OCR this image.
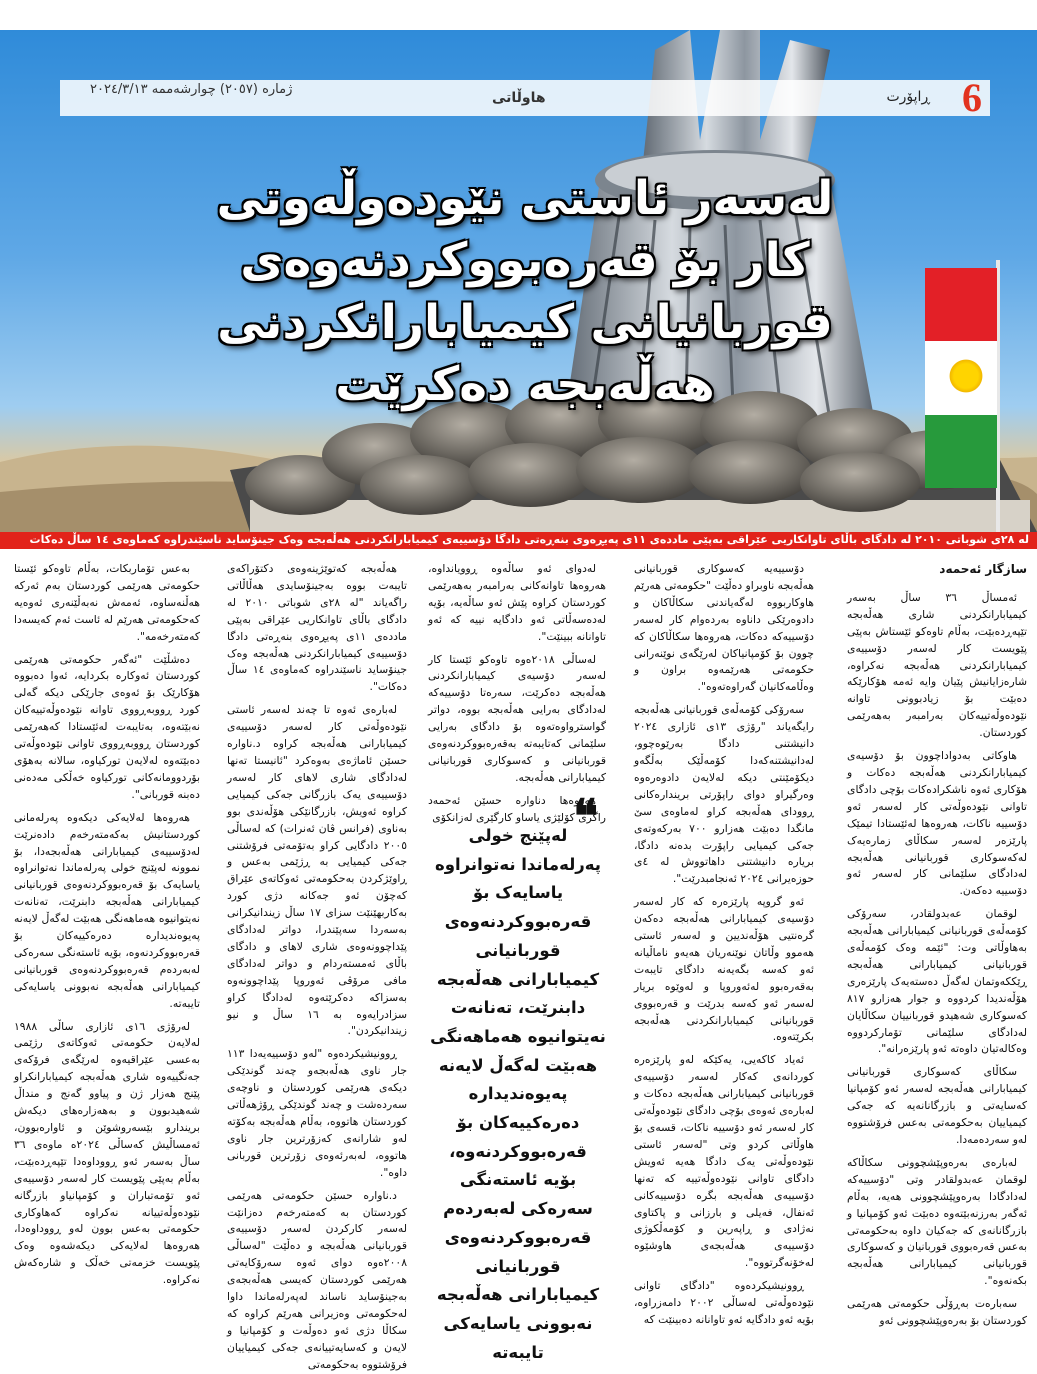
6
ڕاپۆرت
هاوڵاتی
ژمارە (٢٠٥٧) چوارشەممە ٢٠٢٤/٣/١٣
لەسەر ئاستی نێودەوڵەوتی
کار بۆ قەرەبووکردنەوەی
قوربانیانی کیمیابارانکردنی
هەڵەبجە دەکرێت
لە ٢٨ی شوباتی ٢٠١٠ لە دادگای باڵای تاوانکاریی عێراقی بەپێی ماددەی ١١ی پەیڕەوی بنەڕەتی دادگا دۆسییەی کیمیابارانکردنی هەڵەبجە وەک جینۆساید ناسێندراوە کەماوەی ١٤ ساڵ دەکات

سازگار ئەحمەد

ئەمساڵ ٣٦ ساڵ بەسەر کیمیابارانکردنی شاری هەڵەبجە تێپەڕدەبێت، بەڵام تاوەکو ئێستاش بەپێی پێویست کار لەسەر دۆسییەی کیمیابارانکردنی هەڵەبجە نەکراوە، شارەزایانیش پێیان وایە ئەمە هۆکارێکە دەبێت بۆ زیادبوونی تاوانە نێودەوڵەتییەکان بەرامبەر بەهەرێمی کوردستان.

هاوکاتی بەدواداچوون بۆ دۆسیەی کیمیابارانکردنی هەڵەبجە دەکات و هۆکاری ئەوە ناشکرادەکات بۆچی دادگای تاوانی نێودەوڵەتی کار لەسەر ئەو دۆسییە ناکات، هەروەها لەئێستادا تیمێک پارێزەر لەسەر سکاڵای زمارەیەک لەکەسوکاری قوربانیانی هەڵەبجە لەدادگای سلێمانی کار لەسەر ئەو دۆسییە دەکەن.

لوقمان عەبدولقادر، سەرۆکی کۆمەڵەی قوربانیانی کیمیابارانی هەڵەبجە بەهاوڵاتی وت: "ئێمە وەک کۆمەڵەی قوربانیانی کیمیابارانی هەڵەبجە ڕێککەوتمان لەگەڵ دەستەیەک پارێزەری هۆڵەندیدا کردووە و جوار هەزارو ٨١٧ کەسوکاری شەهیدو قوربانییان سکاڵایان لەدادگای سلێمانی تۆمارکردووە وەکالەتیان داوەتە ئەو پارێزەرانە".

سکاڵای کەسوکاری قوربانیانی کیمیابارانی هەڵەبجە لەسەر ئەو کۆمپانیا کەسایەتی و بازرگانانەیە کە جەکی کیمیاییان بەحکومەتی بەعس فرۆشتووە لەو سەردەمەدا.

لەبارەی بەرەوپێشچوونی سکاڵاکە لوقمان عەبدولقادر وتی "دۆسییەکە لەدادگادا بەرەوپێشچوونی هەیە، بەڵام ئەگەر بەرزنەبێتەوە دەبێت ئەو کۆمپانیا و بازرگانانەی کە جەکیان داوە بەحکومەتی بەعس قەرەبووی قوربانیان و کەسوکاری قوربانیانی کیمیابارانی هەڵەبجە بکەنەوە".

سەبارەت بەڕۆڵی حکومەتی هەرێمی کوردستان بۆ بەرەوپێشچوونی ئەو

دۆسییەیە کەسوکاری قوربانیانی هەڵەبجە ناوبراو دەڵێت "حکومەتی هەرێم هاوکاربووە لەگەیاندنی سکاڵاکان و دادوەرێکی داناوە بەردەوام کار لەسەر دۆسییەکە دەکات، هەروەها سکاڵاکان کە چوون بۆ کۆمپانیاکان لەرێگەی نوێنەرانی حکومەتی هەرێمەوە براون و وەڵامەکانیان گەراوەتەوە".

سەرۆکی کۆمەڵەی قوربانیانی هەڵەبجە رایگەیاند "رۆژی ١٣ی ئازاری ٢٠٢٤ دانیشتنی دادگا بەرێوەچوو، لەدانیشتنەکەدا کۆمەڵێک بەڵگەو دیکۆمێنتی دیکە لەلایەن دادوەرەوە وەرگیراو دوای راپۆرتی بریندارەکانی ڕوودای هەڵەبجە کراو لەماوەی سێ مانگدا دەبێت هەزارو ٧٠٠ بەرکەوتەی جەکی کیمیایی راپۆرت بدەنە دادگا، بریارە دانیشتنی داهاتووش لە ٤ی حوزەیرانی ٢٠٢٤ ئەنجامبدرێت".

ئەو گروپە پارێزەرە کە کار لەسەر دۆسیەی کیمیابارانی هەڵەبجە دەکەن گرەنتیی هۆڵەندیین و لەسەر ئاستی هەموو وڵاتان نوێنەریان هەیەو ناماڵیانە ئەو کەسە بگەیەنە دادگای تایبەت بەقەرەبوو لەئەوروپا و لەوێوە بریار لەسەر ئەو کەسە بدرێت و قەرەبووی قوربانیانی کیمیابارانکردنی هەڵەبجە بکرێتەوە.

ئەیاد کاکەیی، یەکێکە لەو پارێزەرە کوردانەی کەکار لەسەر دۆسییەی قوربانیانی کیمیابارانی هەڵەبجە دەکات و لەبارەی ئەوەی بۆچی دادگای نێودەوڵەتی کار لەسەر ئەو دۆسییە ناکات، قسەی بۆ هاوڵاتی کردو وتی "لەسەر ئاستی نێودەوڵەتی یەک دادگا هەیە ئەویش دادگای تاوانی نێودەوڵەتییە کە تەنها دۆسییەی هەڵەبجە بگرە دۆسییەکانی ئەنفال، فەیلی و بارزانی و پاکتاوی نەژادی و ڕاپەرین و کۆمەڵکوژی دۆسییەی هەڵەبجەی هاوشێوە لەخۆنەگرتووە".

ڕوونیشیکردەوە "دادگای تاوانی نێودەوڵەتی لەساڵی ٢٠٠٢ دامەزراوە، بۆیە ئەو دادگایە ئەو تاوانانە دەبینێت کە

لەدوای ئەو ساڵەوە ڕوویانداوە، هەروەها تاوانەکانی بەرامبەر بەهەرێمی کوردستان کراوە پێش ئەو ساڵەیە، بۆیە لەدەسەڵاتی ئەو دادگایە نییە کە ئەو تاوانانە ببینێت".

لەساڵی ٢٠١٨ەوە تاوەکو ئێستا کار لەسەر دۆسیەی کیمیابارانکردنی هەڵەبجە دەکرێت، سەرەتا دۆسییەکە لەدادگای بەرایی هەڵەبجە بووە، دواتر گواسترواوەتەوە بۆ دادگای بەرایی سلێمانی کەتایبەتە بەقەرەبووکردنەوەی قوربانیانی و کەسوکاری قوربانیانی کیمیابارانی هەڵەبجە.

هەروەها دناوارە حسێن ئەحمەد راگری کۆلێژی یاساو کارگێری لەزانکۆی

❝
لەپێنج خولی پەرلەماندا نەتوانراوە یاسایەک بۆ قەرەبووکردنەوەی قوربانیانی کیمیابارانی هەڵەبجە دابنرێت، تەنانەت نەیتوانیوە هەماهەنگی هەبێت لەگەڵ لایەنە پەیوەندیدارە دەرەکییەکان بۆ قەرەبووکردنەوە، بۆیە ئاستەنگی سەرەکی لەبەردەم قەرەبووکردنەوەی قوربانیانی کیمیابارانی هەڵەبجە نەبوونی یاسایەکی تایبەتە

هەڵەبجە کەتوێژینەوەی دکتۆراکەی تایبەت بووە بەجینۆسایدی هەڵاڵاتی راگەیاند "لە ٢٨ی شوباتی ٢٠١٠ لە دادگای باڵای تاوانکاریی عێراقی بەپێی ماددەی ١١ی پەیڕەوی بنەڕەتی دادگا دۆسییەی کیمیابارانکردنی هەڵەبجە وەک جینۆساید ناسێندراوە کەماوەی ١٤ ساڵ دەکات".

لەبارەی ئەوە تا چەند لەسەر ئاستی نێودەوڵەتی کار لەسەر دۆسییەی کیمیابارانی هەڵەبجە کراوە د.ناوارە حسێن ئاماژەی بەوەکرد "ئانیستا تەنها لەدادگای شاری لاهای کار لەسەر دۆسییەی یەک بازرگانی جەکی کیمیایی کراوە ئەویش، بازرگانێکی هۆڵەندی بوو بەناوی (فرانس ڤان ئەنرات) کە لەساڵی ٢٠٠٥ دادگایی کراو بەتۆمەتی فرۆشتنی جەکی کیمیایی بە ڕژێمی بەعس و ڕاوێژکردن بەحکومەتی ئەوکاتەی عێراق کەچۆن ئەو جەکانە دژی کورد بەکاربهێنێت سزای ١٧ ساڵ زیندانیکرانی بەسەردا سەپێندرا، دواتر لەدادگای پێداچوونەوەی شاری لاهای و دادگای باڵای ئەمستەردام و دواتر لەدادگای مافی مرۆڤی ئەوروپا پێداچوونەوە بەسزاکە دەکرێتەوە لەدادگا کراو سزادرایەوە بە ١٦ ساڵ و نیو زیندانیکردن".

ڕوونیشیکردەوە "لەو دۆسییەیەدا ١١٣ جار ناوی هەڵەبجەو چەند گوندێکی دیکەی هەرێمی کوردستان و ناوچەی سەردەشت و چەند گوندێکی ڕۆژهەڵاتی کوردستان هاتووە، بەڵام هەڵەبجە بەکۆتە لەو شارانەی کەزۆرترین جار ناوی هاتووە، لەبەرئەوەی زۆرترین قوربانی داوە".

د.ناوارە حسێن حکومەتی هەرێمی کوردستان بە کەمتەرخەم دەزانێت لەسەر کارکردن لەسەر دۆسییەی قوربانیانی هەڵەبجە و دەڵێت "لەساڵی ٢٠٠٨ەوە دوای ئەوە سەرۆکایەتی هەرێمی کوردستان کەیسی هەڵەبجەی بەجینۆساید ناساند لەپەرلەماندا داوا لەحکومەتی وەزیرانی هەرێم کراوە کە سکاڵا دژی ئەو دەوڵەت و کۆمپانیا و لایەن و کەسایەتییانەی جەکی کیمیاییان فرۆشتووە بەحکومەتی

بەعس تۆماربکات، بەڵام تاوەکو ئێستا حکومەتی هەرێمی کوردستان بەم ئەرکە هەڵنەساوە، ئەمەش نەبەڵێنەری ئەوەیە کەحکومەتی هەرێم لە ئاست ئەم کەیسەدا کەمتەرخەمە".

دەشڵێت "ئەگەر حکومەتی هەرێمی کوردستان ئەوکارە بکردایە، ئەوا دەبووە هۆکارێک بۆ ئەوەی جارێکی دیکە گەلی کورد ڕووبەڕووی تاوانە نێودەوڵەتییەکان نەبێتەوە، بەتایبەت لەئێستادا کەهەرێمی کوردستان ڕووبەڕووی تاوانی نێودەوڵەتی دەبێتەوە لەلایەن تورکیاوە، سالانە بەهۆی بۆردوومانەکانی تورکیاوە خەڵکی مەدەنی دەبنە قوربانی".

هەروەها لەلایەکی دیکەوە پەرلەمانی کوردستانیش بەکەمتەرخەم دادەنرێت لەدۆسییەی کیمیابارانی هەڵەبجەدا، بۆ نموونە لەپێنج خولی پەرلەماندا نەتوانراوە یاسایەک بۆ قەرەبووکردنەوەی قوربانیانی کیمیابارانی هەڵەبجە دابنرێت، تەنانەت نەیتوانیوە هەماهەنگی هەبێت لەگەڵ لایەنە پەیوەندیدارە دەرەکییەکان بۆ قەرەبووکردنەوە، بۆیە ئاستەنگی سەرەکی لەبەردەم قەرەبووکردنەوەی قوربانیانی کیمیابارانی هەڵەبجە نەبوونی یاسایەکی تایبەتە.

لەرۆژی ١٦ی ئازاری ساڵی ١٩٨٨ لەلایەن حکومەتی ئەوکاتەی رژێمی بەعسی عێراقیەوە لەرێگەی فرۆکەی جەنگییەوە شاری هەڵەبجە کیمیابارانکراو پێنج هەزار ژن و پیاوو گەنج و منداڵ شەهیدبوون و بەهەزارەهای دیکەش بریندارو بێسەروشوێن و ئاوارەبوون، ئەمساڵیش کەساڵی ٢٠٢٤ە ماوەی ٣٦ ساڵ بەسەر ئەو ڕووداوەدا تێپەڕدەبێت، بەڵام بەپێی پێویست کار لەسەر دۆسییەی ئەو تۆمەتباران و کۆمپانیاو بازرگانە نێودەوڵەتییانە نەکراوە کەهاوکاری حکومەتی بەعس بوون لەو ڕووداوەدا، هەروەها لەلایەکی دیکەشەوە وەک پێویست خزمەتی خەڵک و شارەکەش نەکراوە.
